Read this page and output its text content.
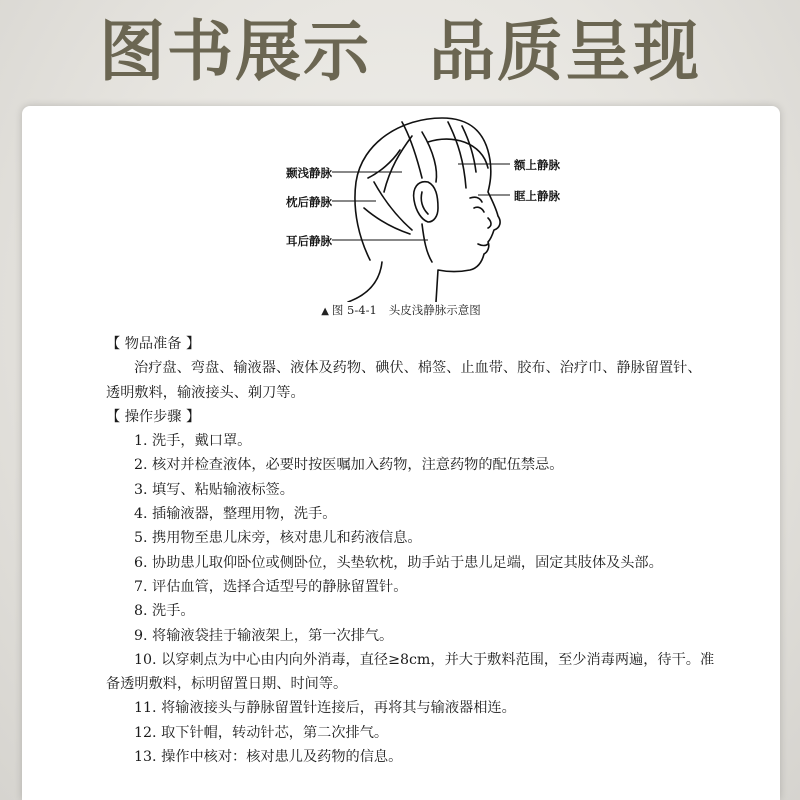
图书展示 品质呈现
颞浅静脉
枕后静脉
耳后静脉
额上静脉
眶上静脉
▲ 图 5-4-1 头皮浅静脉示意图
【 物品准备 】
治疗盘、弯盘、输液器、液体及药物、碘伏、棉签、止血带、胶布、治疗巾、静脉留置针、
透明敷料，输液接头、剃刀等。
【 操作步骤 】
1. 洗手，戴口罩。
2. 核对并检查液体，必要时按医嘱加入药物，注意药物的配伍禁忌。
3. 填写、粘贴输液标签。
4. 插输液器，整理用物，洗手。
5. 携用物至患儿床旁，核对患儿和药液信息。
6. 协助患儿取仰卧位或侧卧位，头垫软枕，助手站于患儿足端，固定其肢体及头部。
7. 评估血管，选择合适型号的静脉留置针。
8. 洗手。
9. 将输液袋挂于输液架上，第一次排气。
10. 以穿刺点为中心由内向外消毒，直径≥8cm，并大于敷料范围，至少消毒两遍，待干。准
备透明敷料，标明留置日期、时间等。
11. 将输液接头与静脉留置针连接后，再将其与输液器相连。
12. 取下针帽，转动针芯，第二次排气。
13. 操作中核对：核对患儿及药物的信息。
